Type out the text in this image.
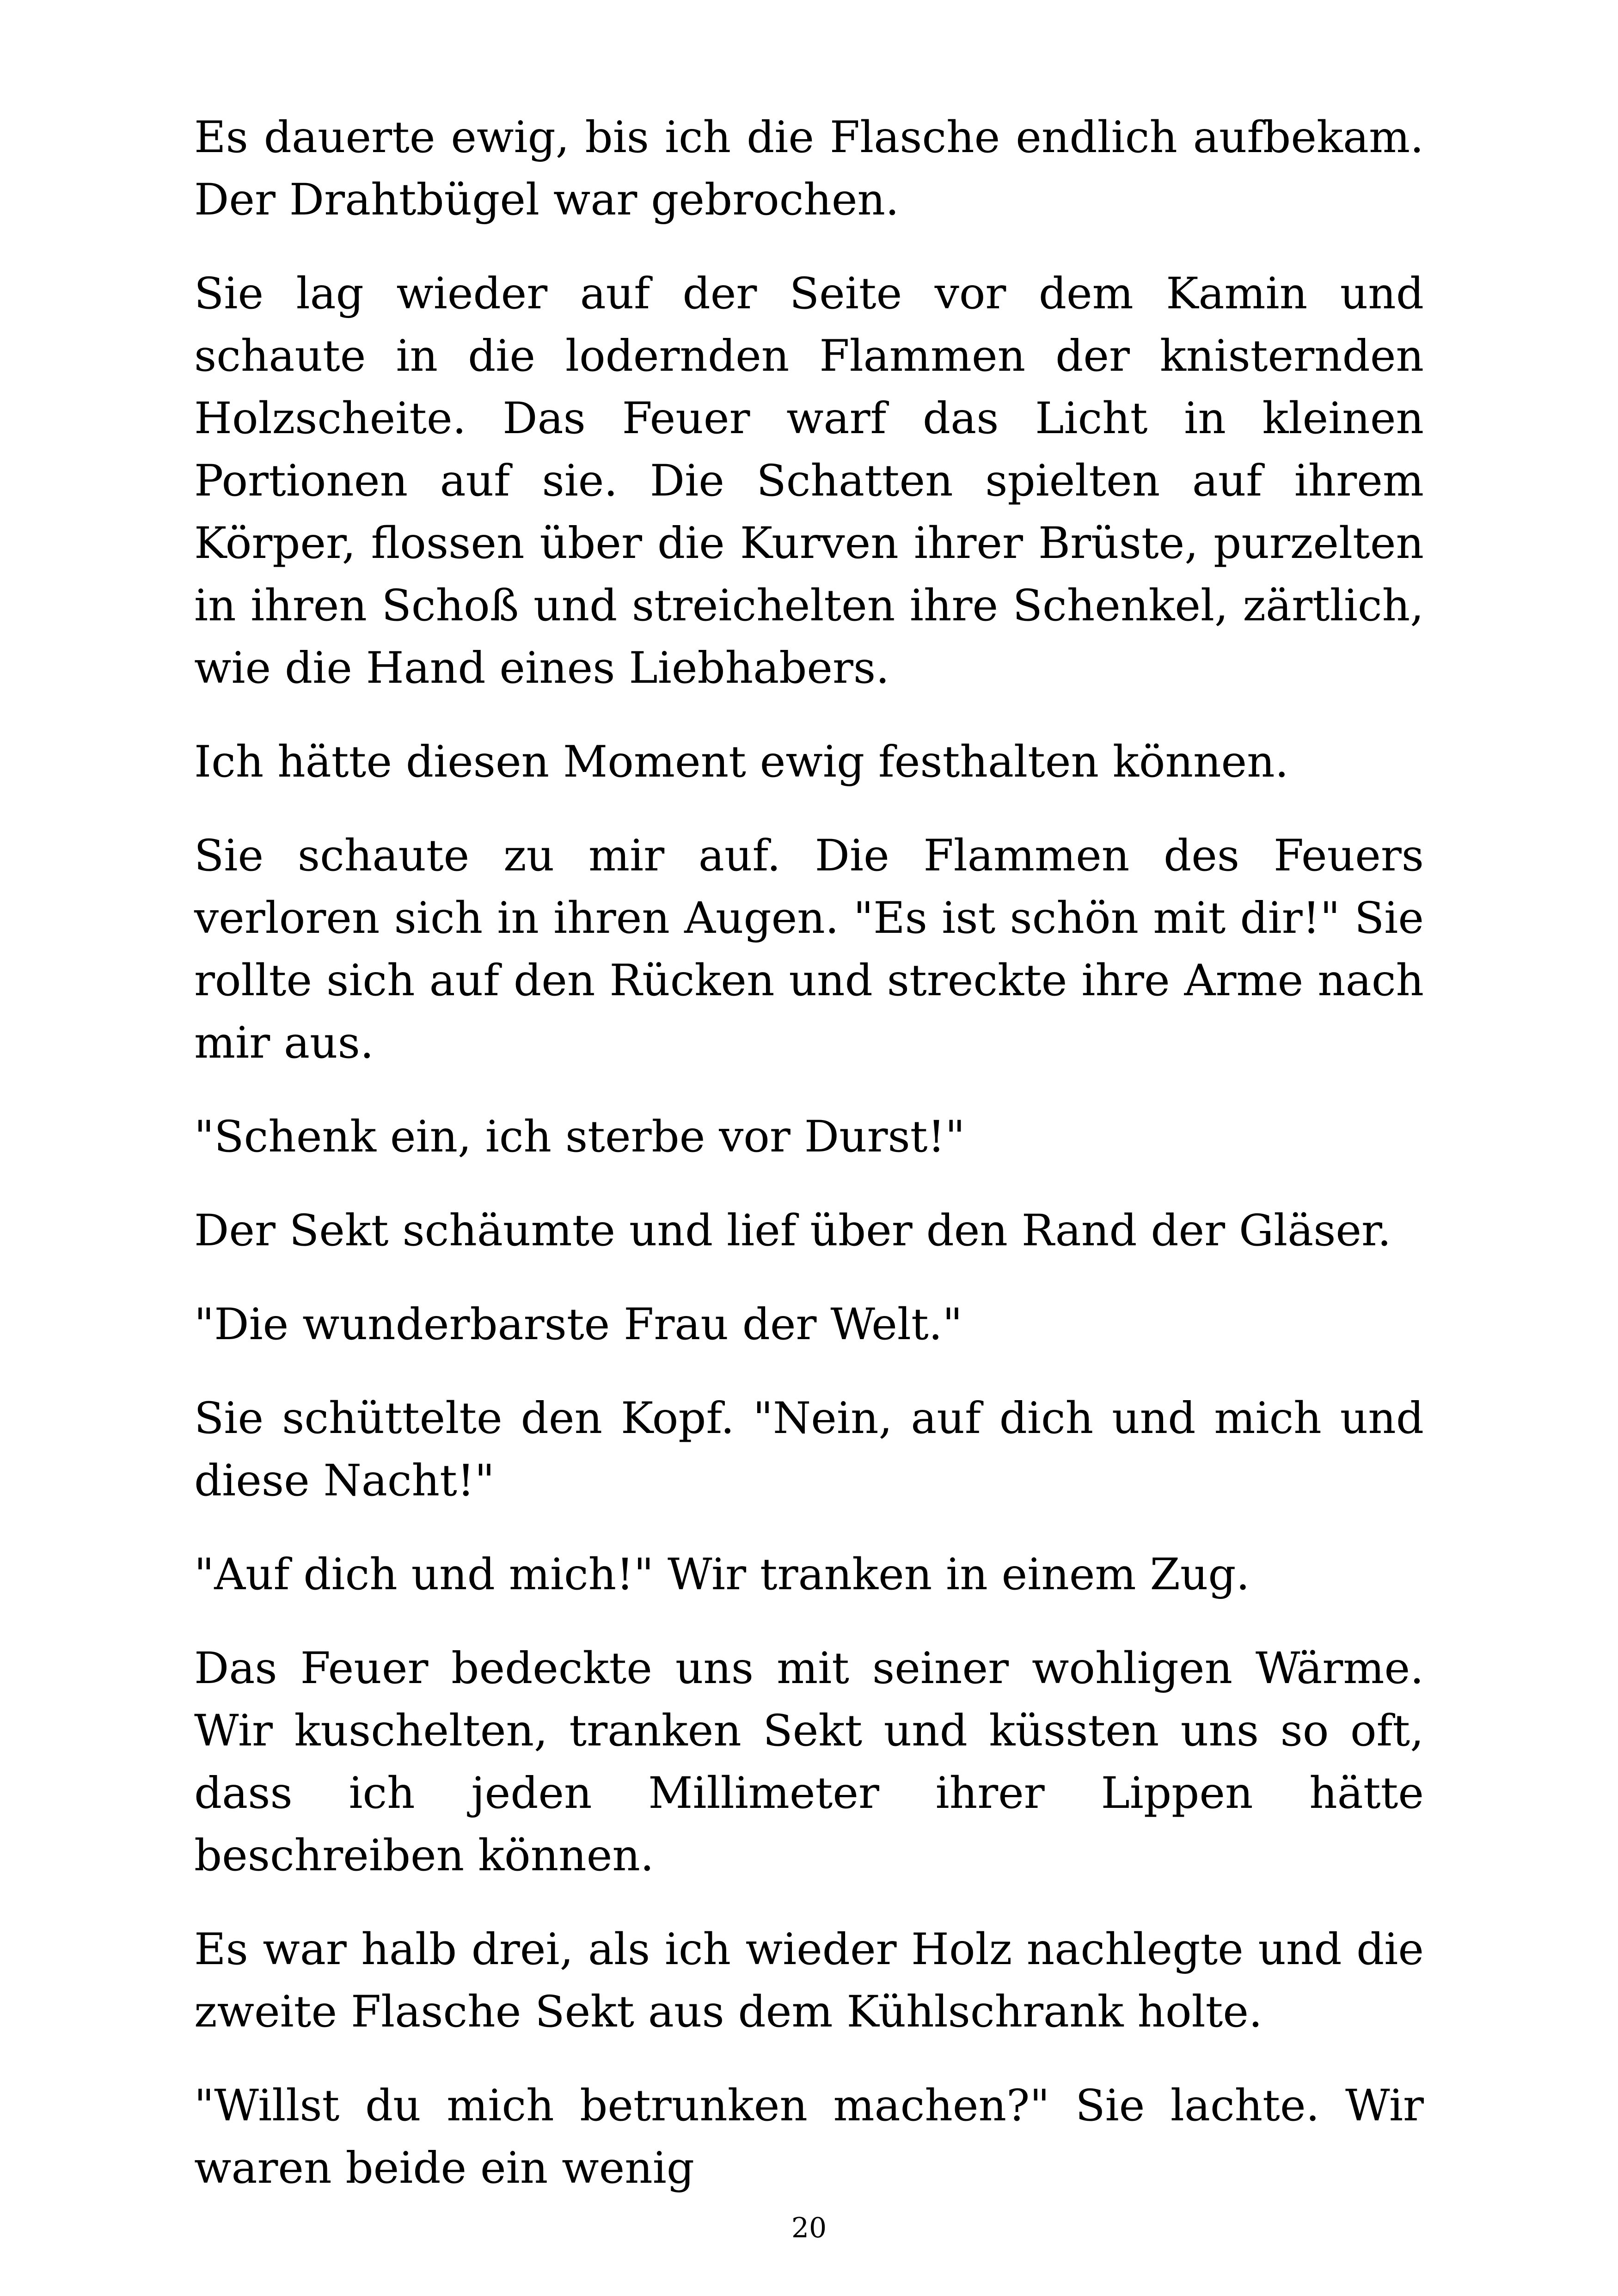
Es dauerte ewig, bis ich die Flasche endlich aufbekam. Der Drahtbügel war gebrochen.

Sie lag wieder auf der Seite vor dem Kamin und schaute in die lodernden Flammen der knisternden Holzscheite. Das Feuer warf das Licht in kleinen Portionen auf sie. Die Schatten spielten auf ihrem Körper, flossen über die Kurven ihrer Brüste, purzelten in ihren Schoß und streichelten ihre Schenkel, zärtlich, wie die Hand eines Liebhabers.

Ich hätte diesen Moment ewig festhalten können.

Sie schaute zu mir auf. Die Flammen des Feuers verloren sich in ihren Augen. "Es ist schön mit dir!" Sie rollte sich auf den Rücken und streckte ihre Arme nach mir aus.

"Schenk ein, ich sterbe vor Durst!"

Der Sekt schäumte und lief über den Rand der Gläser.

"Die wunderbarste Frau der Welt."

Sie schüttelte den Kopf. "Nein, auf dich und mich und diese Nacht!"

"Auf dich und mich!" Wir tranken in einem Zug.

Das Feuer bedeckte uns mit seiner wohligen Wärme. Wir kuschelten, tranken Sekt und küssten uns so oft, dass ich jeden Millimeter ihrer Lippen hätte beschreiben können.

Es war halb drei, als ich wieder Holz nachlegte und die zweite Flasche Sekt aus dem Kühlschrank holte.

"Willst du mich betrunken machen?" Sie lachte. Wir waren beide ein wenig

20
